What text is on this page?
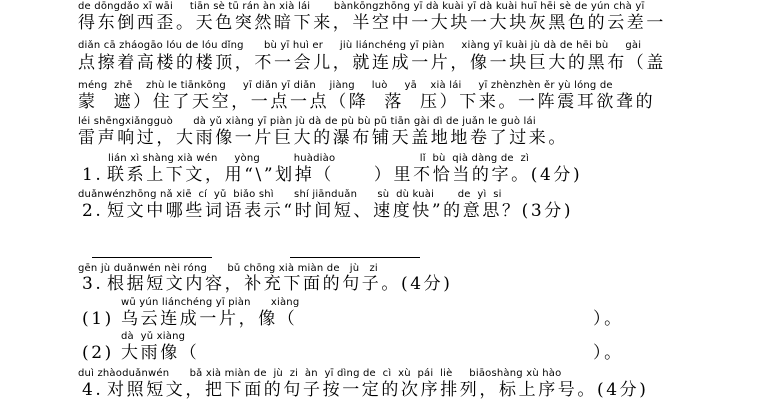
de dōngdǎo xī wāi     tiān sè tū rán àn xià lái       bànkōngzhōng yī dà kuài yī dà kuài huī hēi sè de yún chà yī
得东倒西歪。天色突然暗下来，半空中一大块一大块灰黑色的云差一
diǎn cā zháogāo lóu de lóu dǐng      bù yī huì er     jiù liánchéng yī piàn     xiàng yī kuài jù dà de hēi bù     gài
点擦着高楼的楼顶，不一会儿，就连成一片，像一块巨大的黑布（盖
méng  zhē    zhù le tiānkōng     yī diǎn yī diǎn    jiàng     luò     yā    xià lái     yī zhènzhèn ěr yù lóng de
蒙  遮）住了天空，一点一点（降  落  压）下来。一阵震耳欲聋的
léi shēngxiǎngguò      dà yǔ xiàng yī piàn jù dà de pù bù pū tiān gài dì de juǎn le guò lái
雷声响过，大雨像一片巨大的瀑布铺天盖地地卷了过来。
lián xì shàng xià wén     yòng          huàdiào                         lǐ  bù  qià dàng de  zì
1. 联系上下文，用“\”划掉（     ）里不恰当的字。(4分)
duǎnwénzhōng nǎ xiē  cí  yǔ  biǎo shì      shí jiānduǎn      sù  dù kuài       de  yì  si
2. 短文中哪些词语表示“时间短、速度快”的意思？(3分)
gēn jù duǎnwén nèi róng      bǔ chōng xià miàn de   jù   zi
3. 根据短文内容，补充下面的句子。(4分)
wū yún liánchéng yī piàn      xiàng
(1) 乌云连成一片，像（	）。
dà  yǔ xiàng
(2) 大雨像（	）。
duì zhàoduǎnwén      bǎ xià miàn de  jù  zi  àn  yī dìng de  cì  xù  pái  liè     biāoshàng xù hào
4. 对照短文，把下面的句子按一定的次序排列，标上序号。(4分)
